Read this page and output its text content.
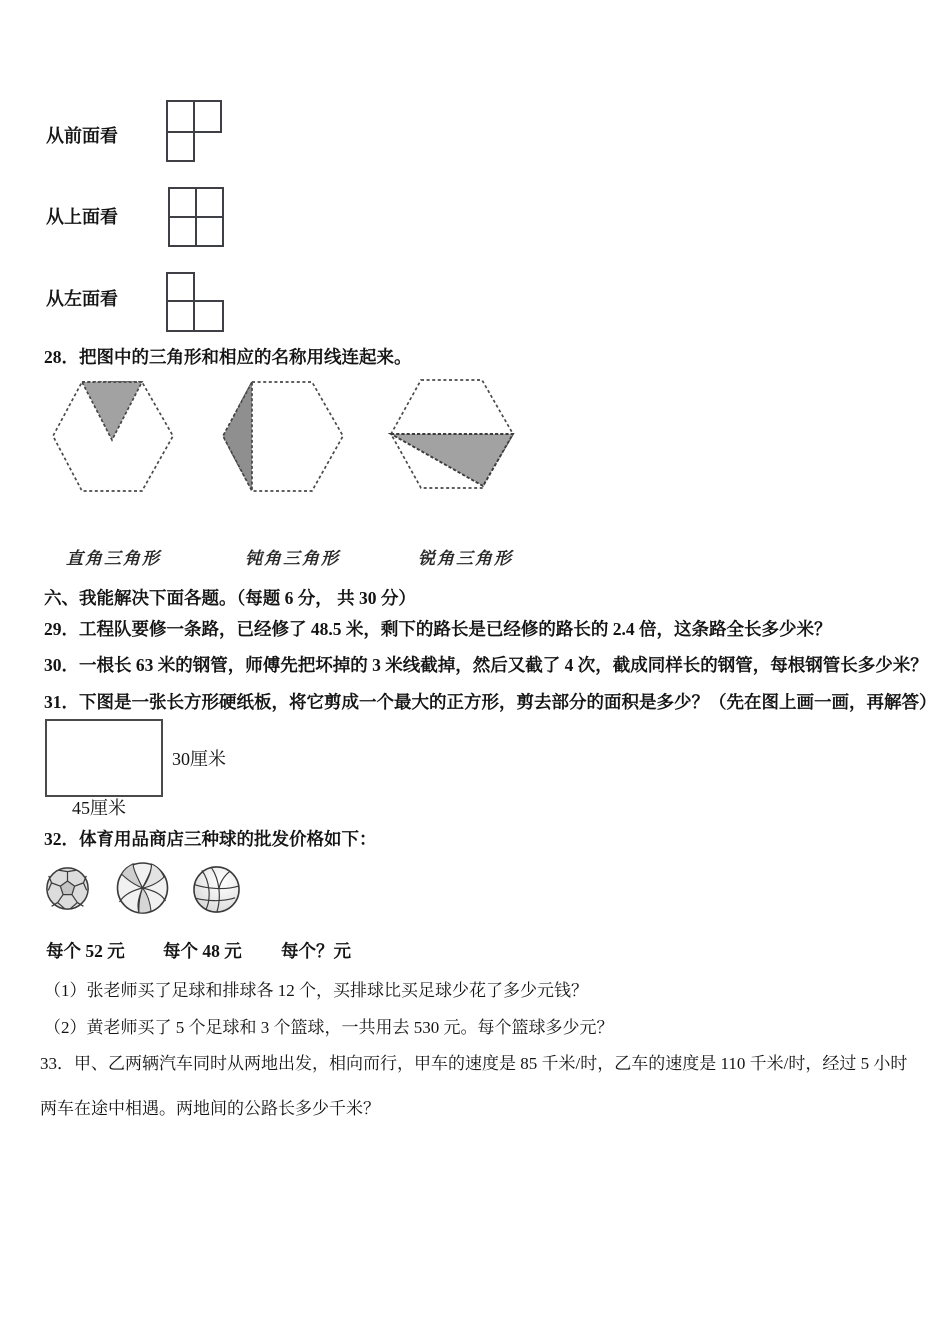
从前面看
从上面看
从左面看
28．把图中的三角形和相应的名称用线连起来。
直角三角形	钝角三角形	锐角三角形
六、我能解决下面各题。（每题 6 分， 共 30 分）
29．工程队要修一条路，已经修了 48.5 米，剩下的路长是已经修的路长的 2.4 倍，这条路全长多少米？
30．一根长 63 米的钢管，师傅先把坏掉的 3 米线截掉，然后又截了 4 次，截成同样长的钢管，每根钢管长多少米？
31．下图是一张长方形硬纸板，将它剪成一个最大的正方形，剪去部分的面积是多少？（先在图上画一画，再解答）
30厘米
45厘米
32．体育用品商店三种球的批发价格如下：
每个 52 元 每个 48 元 每个？元
（1）张老师买了足球和排球各 12 个，买排球比买足球少花了多少元钱？
（2）黄老师买了 5 个足球和 3 个篮球，一共用去 530 元。每个篮球多少元？
33．甲、乙两辆汽车同时从两地出发，相向而行，甲车的速度是 85 千米/时，乙车的速度是 110 千米/时，经过 5 小时
两车在途中相遇。两地间的公路长多少千米？
